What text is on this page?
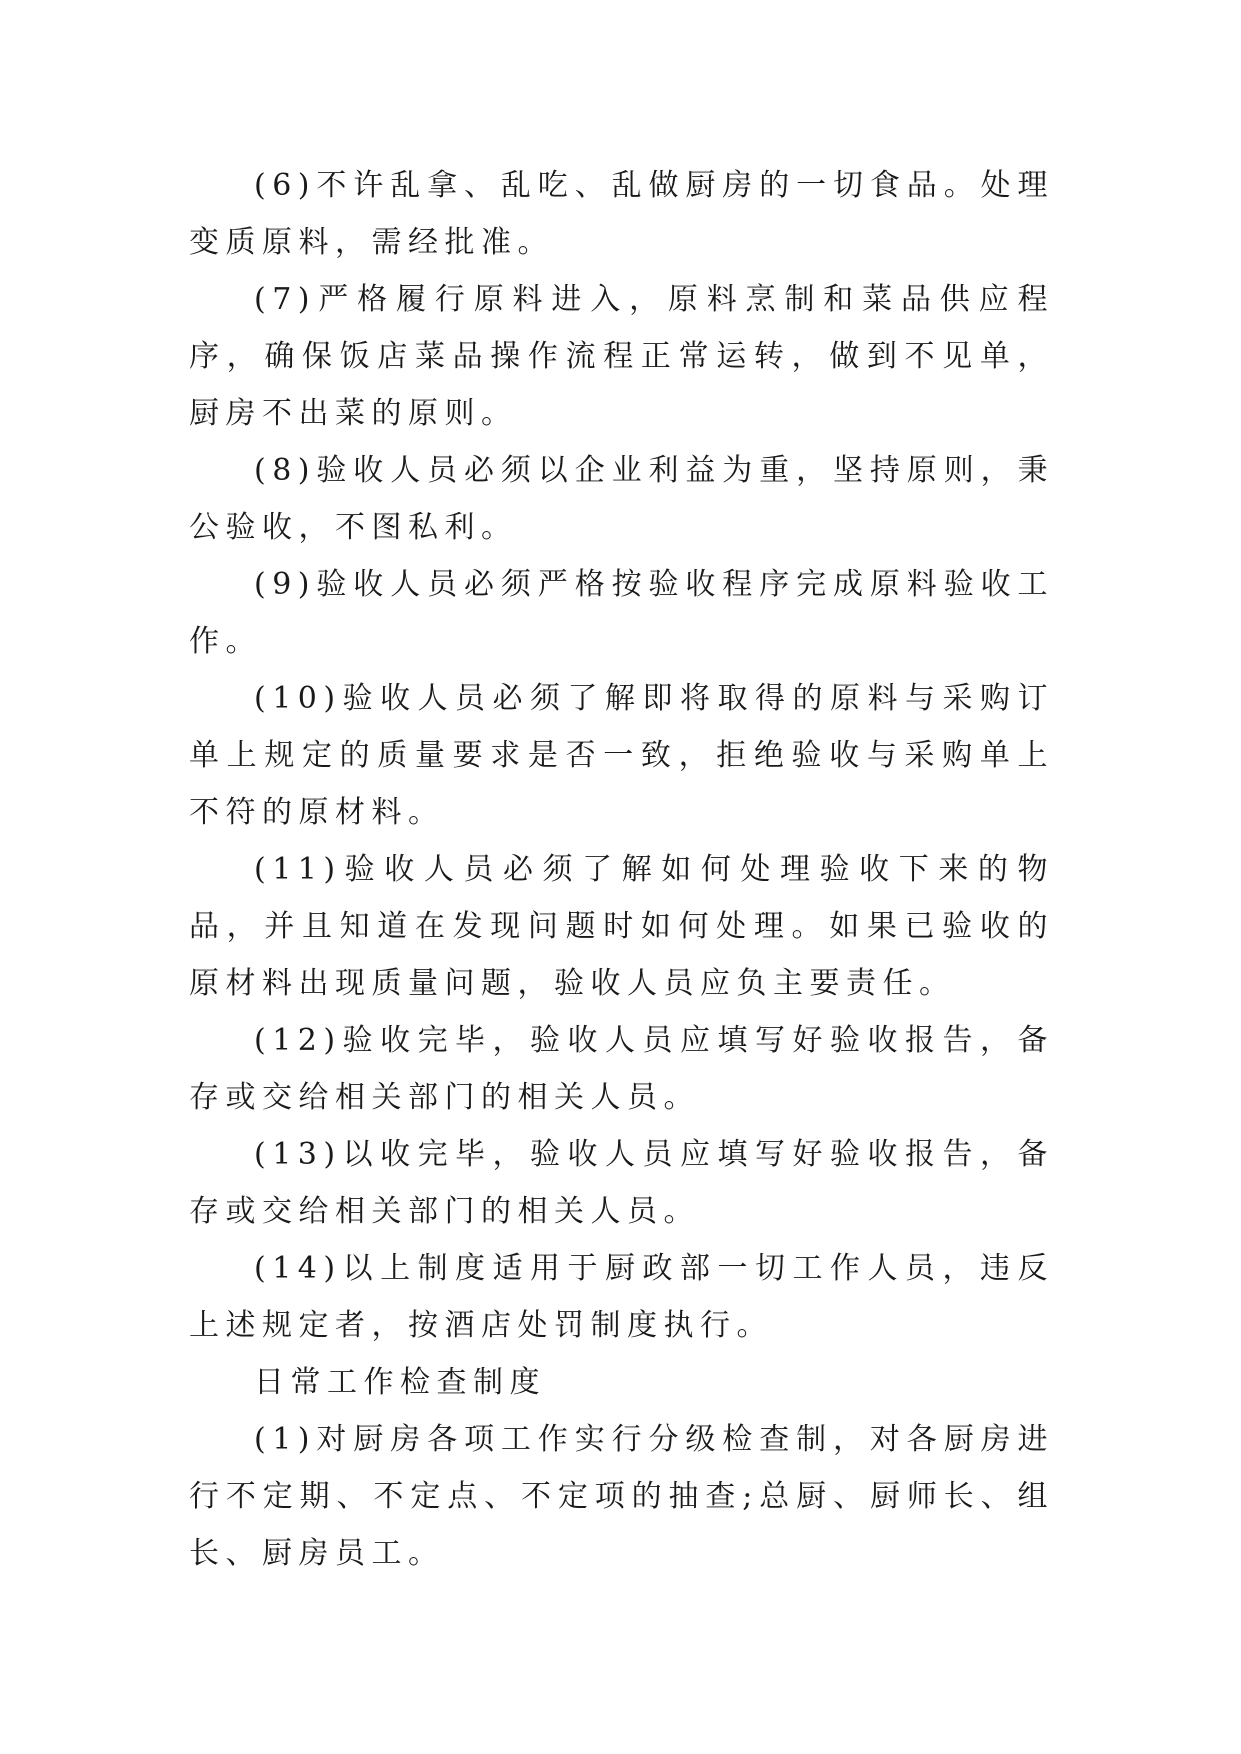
(6)不许乱拿、乱吃、乱做厨房的一切食品。处理变质原料，需经批准。

(7)严格履行原料进入，原料烹制和菜品供应程序，确保饭店菜品操作流程正常运转，做到不见单，厨房不出菜的原则。

(8)验收人员必须以企业利益为重，坚持原则，秉公验收，不图私利。

(9)验收人员必须严格按验收程序完成原料验收工作。

(10)验收人员必须了解即将取得的原料与采购订单上规定的质量要求是否一致，拒绝验收与采购单上不符的原材料。

(11)验收人员必须了解如何处理验收下来的物品，并且知道在发现问题时如何处理。如果已验收的原材料出现质量问题，验收人员应负主要责任。

(12)验收完毕，验收人员应填写好验收报告，备存或交给相关部门的相关人员。

(13)以收完毕，验收人员应填写好验收报告，备存或交给相关部门的相关人员。

(14)以上制度适用于厨政部一切工作人员，违反上述规定者，按酒店处罚制度执行。

日常工作检查制度

(1)对厨房各项工作实行分级检查制，对各厨房进行不定期、不定点、不定项的抽查;总厨、厨师长、组长、厨房员工。
